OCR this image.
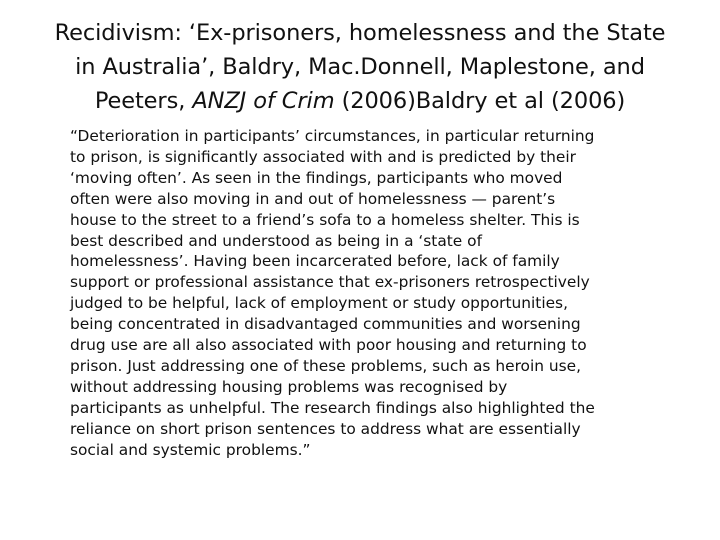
Recidivism: ‘Ex-prisoners, homelessness and the State
in Australia’, Baldry, Mac.Donnell, Maplestone, and
Peeters, ANZJ of Crim (2006)Baldry et al (2006)
“Deterioration in participants’ circumstances, in particular returning
to prison, is significantly associated with and is predicted by their
‘moving often’. As seen in the findings, participants who moved
often were also moving in and out of homelessness — parent’s
house to the street to a friend’s sofa to a homeless shelter. This is
best described and understood as being in a ‘state of
homelessness’. Having been incarcerated before, lack of family
support or professional assistance that ex-prisoners retrospectively
judged to be helpful, lack of employment or study opportunities,
being concentrated in disadvantaged communities and worsening
drug use are all also associated with poor housing and returning to
prison. Just addressing one of these problems, such as heroin use,
without addressing housing problems was recognised by
participants as unhelpful. The research findings also highlighted the
reliance on short prison sentences to address what are essentially
social and systemic problems.”
